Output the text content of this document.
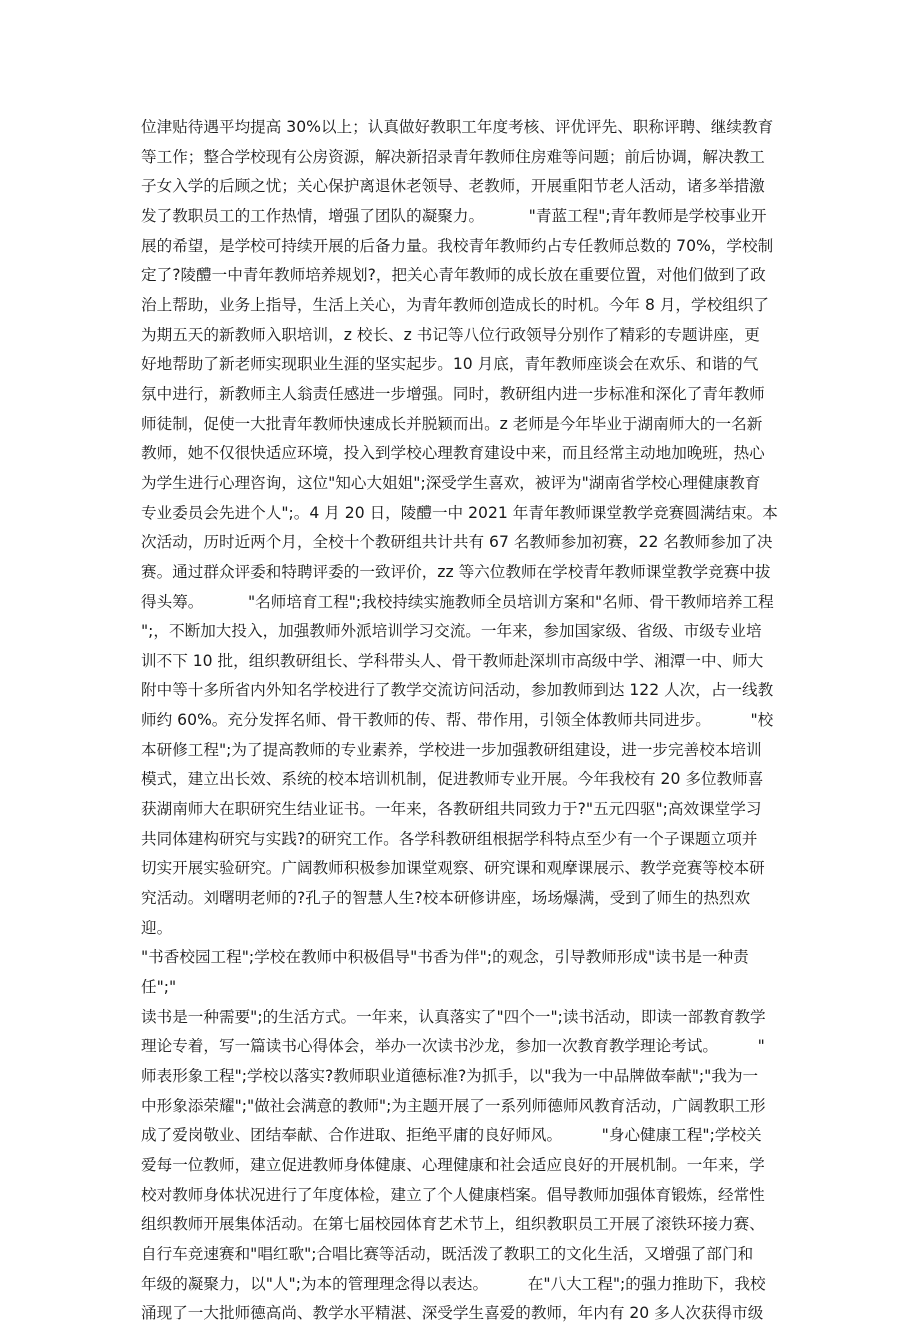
位津贴待遇平均提高 30%以上；认真做好教职工年度考核、评优评先、职称评聘、继续教育
等工作；整合学校现有公房资源，解决新招录青年教师住房难等问题；前后协调，解决教工
子女入学的后顾之忧；关心保护离退休老领导、老教师，开展重阳节老人活动，诸多举措激
发了教职员工的工作热情，增强了团队的凝聚力。         "青蓝工程";青年教师是学校事业开
展的希望，是学校可持续开展的后备力量。我校青年教师约占专任教师总数的 70%，学校制
定了?陵醴一中青年教师培养规划?，把关心青年教师的成长放在重要位置，对他们做到了政
治上帮助，业务上指导，生活上关心，为青年教师创造成长的时机。今年 8 月，学校组织了
为期五天的新教师入职培训，z 校长、z 书记等八位行政领导分别作了精彩的专题讲座，更
好地帮助了新老师实现职业生涯的坚实起步。10 月底，青年教师座谈会在欢乐、和谐的气
氛中进行，新教师主人翁责任感进一步增强。同时，教研组内进一步标准和深化了青年教师
师徒制，促使一大批青年教师快速成长并脱颖而出。z 老师是今年毕业于湖南师大的一名新
教师，她不仅很快适应环境，投入到学校心理教育建设中来，而且经常主动地加晚班，热心
为学生进行心理咨询，这位"知心大姐姐";深受学生喜欢，被评为"湖南省学校心理健康教育
专业委员会先进个人";。4 月 20 日，陵醴一中 2021 年青年教师课堂教学竞赛圆满结束。本
次活动，历时近两个月，全校十个教研组共计共有 67 名教师参加初赛，22 名教师参加了决
赛。通过群众评委和特聘评委的一致评价，zz 等六位教师在学校青年教师课堂教学竞赛中拔
得头筹。         "名师培育工程";我校持续实施教师全员培训方案和"名师、骨干教师培养工程
";，不断加大投入，加强教师外派培训学习交流。一年来，参加国家级、省级、市级专业培
训不下 10 批，组织教研组长、学科带头人、骨干教师赴深圳市高级中学、湘潭一中、师大
附中等十多所省内外知名学校进行了教学交流访问活动，参加教师到达 122 人次，占一线教
师约 60%。充分发挥名师、骨干教师的传、帮、带作用，引领全体教师共同进步。        "校
本研修工程";为了提高教师的专业素养，学校进一步加强教研组建设，进一步完善校本培训
模式，建立出长效、系统的校本培训机制，促进教师专业开展。今年我校有 20 多位教师喜
获湖南师大在职研究生结业证书。一年来，各教研组共同致力于?"五元四驱";高效课堂学习
共同体建构研究与实践?的研究工作。各学科教研组根据学科特点至少有一个子课题立项并
切实开展实验研究。广阔教师积极参加课堂观察、研究课和观摩课展示、教学竞赛等校本研
究活动。刘曙明老师的?孔子的智慧人生?校本研修讲座，场场爆满，受到了师生的热烈欢迎。
"书香校园工程";学校在教师中积极倡导"书香为伴";的观念，引导教师形成"读书是一种责任";"
读书是一种需要";的生活方式。一年来，认真落实了"四个一";读书活动，即读一部教育教学
理论专着，写一篇读书心得体会，举办一次读书沙龙，参加一次教育教学理论考试。        "
师表形象工程";学校以落实?教师职业道德标准?为抓手，以"我为一中品牌做奉献";"我为一
中形象添荣耀";"做社会满意的教师";为主题开展了一系列师德师风教育活动，广阔教职工形
成了爱岗敬业、团结奉献、合作进取、拒绝平庸的良好师风。        "身心健康工程";学校关
爱每一位教师，建立促进教师身体健康、心理健康和社会适应良好的开展机制。一年来，学
校对教师身体状况进行了年度体检，建立了个人健康档案。倡导教师加强体育锻炼，经常性
组织教师开展集体活动。在第七届校园体育艺术节上，组织教职员工开展了滚铁环接力赛、
自行车竞速赛和"唱红歌";合唱比赛等活动，既活泼了教职工的文化生活，又增强了部门和
年级的凝聚力，以"人";为本的管理理念得以表达。        在"八大工程";的强力推助下，我校
涌现了一大批师德高尚、教学水平精湛、深受学生喜爱的教师，年内有 20 多人次获得市级
